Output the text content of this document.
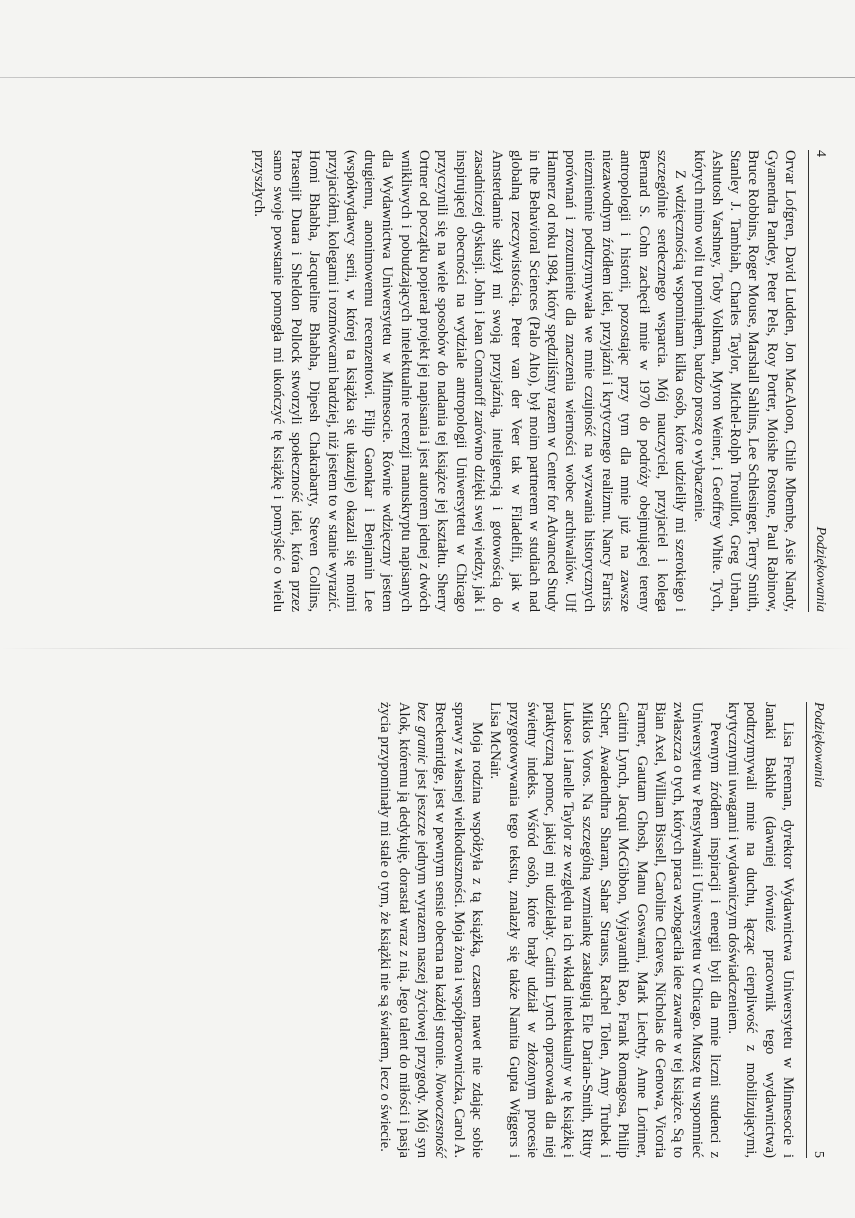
4
Podziękowania

Orvar Lofgren, David Ludden, Jon MacAloon, Chile Mbembe, Asie Nandy, Gyanendra Pandey, Peter Pels, Roy Porter, Moishe Postone, Paul Rabinow, Bruce Robbins, Roger Mouse, Marshall Sahlins, Lee Schlesinger, Terry Smith, Stanley J. Tambiah, Charles Taylor, Michel-Rolph Trouillot, Greg Urban, Ashutosh Varshney, Toby Volkman, Myron Weiner, i Geoffrey White. Tych, których mimo woli tu pominąłem, bardzo proszę o wybaczenie.

Z wdzięcznością wspominam kilka osób, które udzieliły mi szerokiego i szczególnie serdecznego wsparcia. Mój nauczyciel, przyjaciel i kolega Bernard S. Cohn zachęcił mnie w 1970 do podróży obejmującej tereny antropologii i historii, pozostając przy tym dla mnie już na zawsze niezawodnym źródłem idei, przyjaźni i krytycznego realizmu. Nancy Farriss niezmiennie podtrzymywała we mnie czujność na wyzwania historycznych porównań i zrozumienie dla znaczenia wierności wobec archiwaliów. Ulf Hannerz od roku 1984, który spędziliśmy razem w Center for Advanced Study in the Behavioral Sciences (Palo Alto), był moim partnerem w studiach nad globalną rzeczywistością. Peter van der Veer tak w Filadelfii, jak w Amsterdamie służył mi swoją przyjaźnią, inteligencją i gotowością do zasadniczej dyskusji. John i Jean Comaroff zarówno dzięki swej wiedzy, jak i inspirującej obecności na wydziale antropologii Uniwersytetu w Chicago przyczynili się na wiele sposobów do nadania tej książce jej kształtu. Sherry Ortner od początku popierał projekt jej napisania i jest autorem jednej z dwóch wnikliwych i pobudzających intelektualnie recenzji manuskryptu napisanych dla Wydawnictwa Uniwersytetu w Minnesocie. Równie wdzięczny jestem drugiemu, anonimowemu recenzentowi. Filip Gaonkar i Benjamin Lee (współwydawcy serii, w której ta książka się ukazuje) okazali się moimi przyjaciółmi, kolegami i rozmówcami bardziej, niż jestem to w stanie wyrazić. Homi Bhabha, Jacqueline Bhabha, Dipesh Chakrabarty, Steven Collins, Prasenjit Duara i Sheldon Pollock stworzyli społeczność idei, która przez samo swoje powstanie pomogła mi ukończyć tę książkę i pomyśleć o wielu przyszłych.

Podziękowania
5

Lisa Freeman, dyrektor Wydawnictwa Uniwersytetu w Minnesocie i Janaki Bakhle (dawniej również pracownik tego wydawnictwa) podtrzymywali mnie na duchu, łącząc cierpliwość z mobilizującymi, krytycznymi uwagami i wydawniczym doświadczeniem.

Pewnym źródłem inspiracji i energii byli dla mnie liczni studenci z Uniwersytetu w Pensylwanii i Uniwersytetu w Chicago. Muszę tu wspomnieć zwłaszcza o tych, których praca wzbogaciła idee zawarte w tej książce. Są to Bian Axel, William Bissell, Caroline Cleaves, Nicholas de Genowa, Vicoria Farmer, Gautam Ghosh, Manu Goswami, Mark Liechty, Anne Lorimer, Caitrin Lynch, Jacqui McGibbon, Vyjayanthi Rao, Frank Romagosa, Philip Scher, Awadendhra Sharan, Sahar Strauss, Rachel Tolen, Amy Trubek i Miklos Voros. Na szczególną wzmiankę zasługują Ele Darian-Smith, Ritty Lukose i Janelle Taylor ze względu na ich wkład intelektualny w tę książkę i praktyczną pomoc, jakiej mi udzielały. Caitrin Lynch opracowała dla niej świetny indeks. Wśród osób, które brały udział w złożonym procesie przygotowywania tego tekstu, znalazły się także Namita Gupta Wiggers i Lisa McNair.

Moja rodzina współżyła z tą książką, czasem nawet nie zdając sobie sprawy z własnej wielkoduszności. Moja żona i współpracowniczka, Carol A. Breckenridge, jest w pewnym sensie obecna na każdej stronie. Nowoczesność bez granic jest jeszcze jednym wyrazem naszej życiowej przygody. Mój syn Alok, któremu ją dedykuję, dorastał wraz z nią. Jego talent do miłości i pasja życia przypominały mi stale o tym, że książki nie są światem, lecz o świecie.
